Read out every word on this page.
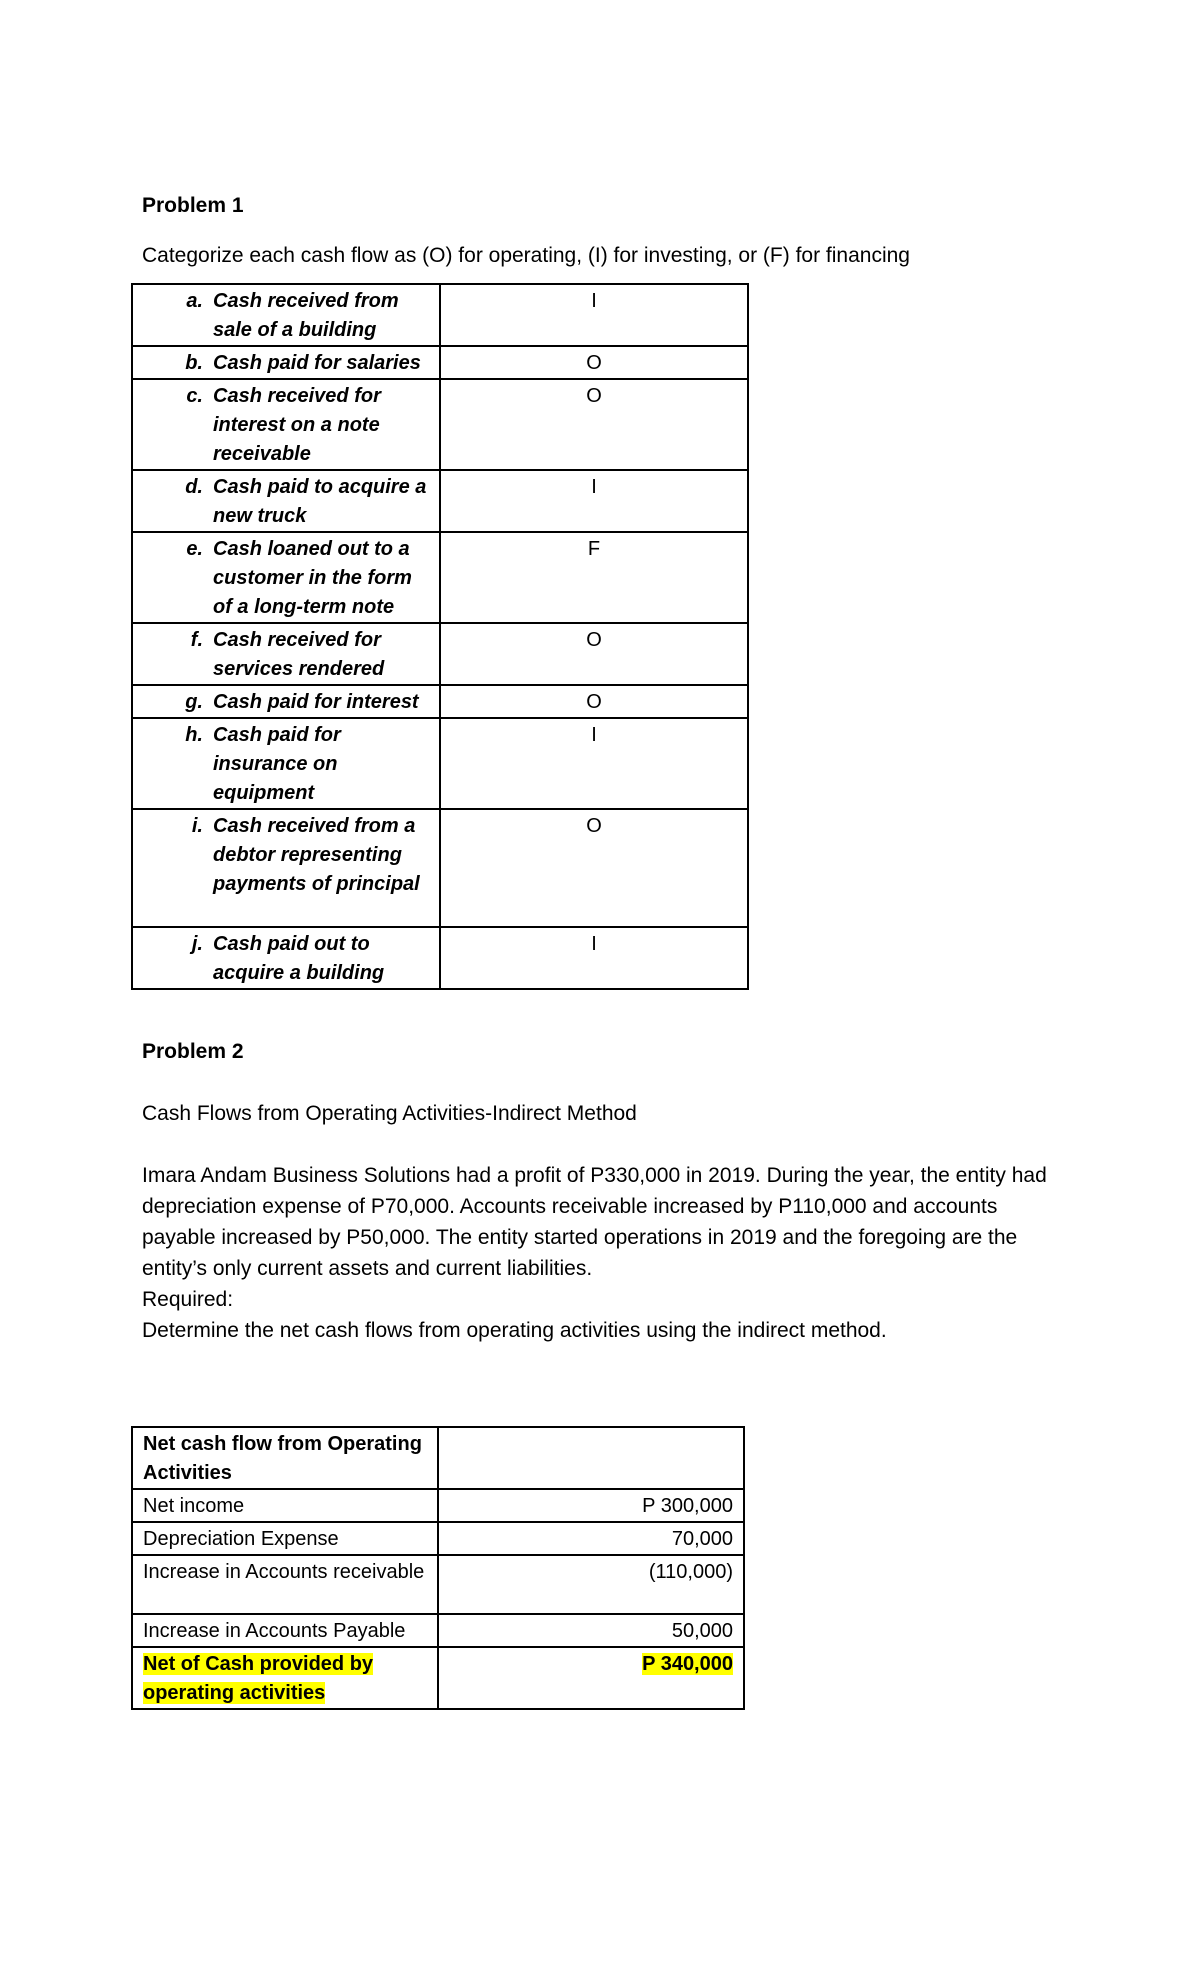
Problem 1
Categorize each cash flow as (O) for operating, (I) for investing, or (F) for financing
a. Cash received from sale of a building	I

b. Cash paid for salaries	O

c. Cash received for interest on a note receivable	O

d. Cash paid to acquire a new truck	I

e. Cash loaned out to a customer in the form of a long-term note	F

f. Cash received for services rendered	O

g. Cash paid for interest	O

h. Cash paid for insurance on equipment	I

i. Cash received from a debtor representing payments of principal	O

j. Cash paid out to acquire a building	I
Problem 2
Cash Flows from Operating Activities-Indirect Method
Imara Andam Business Solutions had a profit of P330,000 in 2019. During the year, the entity had depreciation expense of P70,000. Accounts receivable increased by P110,000 and accounts payable increased by P50,000. The entity started operations in 2019 and the foregoing are the entity’s only current assets and current liabilities.
Required:
Determine the net cash flows from operating activities using the indirect method.
Net cash flow from Operating Activities	
Net income	P 300,000
Depreciation Expense	70,000
Increase in Accounts receivable	(110,000)
Increase in Accounts Payable	50,000
Net of Cash provided by operating activities	P 340,000
